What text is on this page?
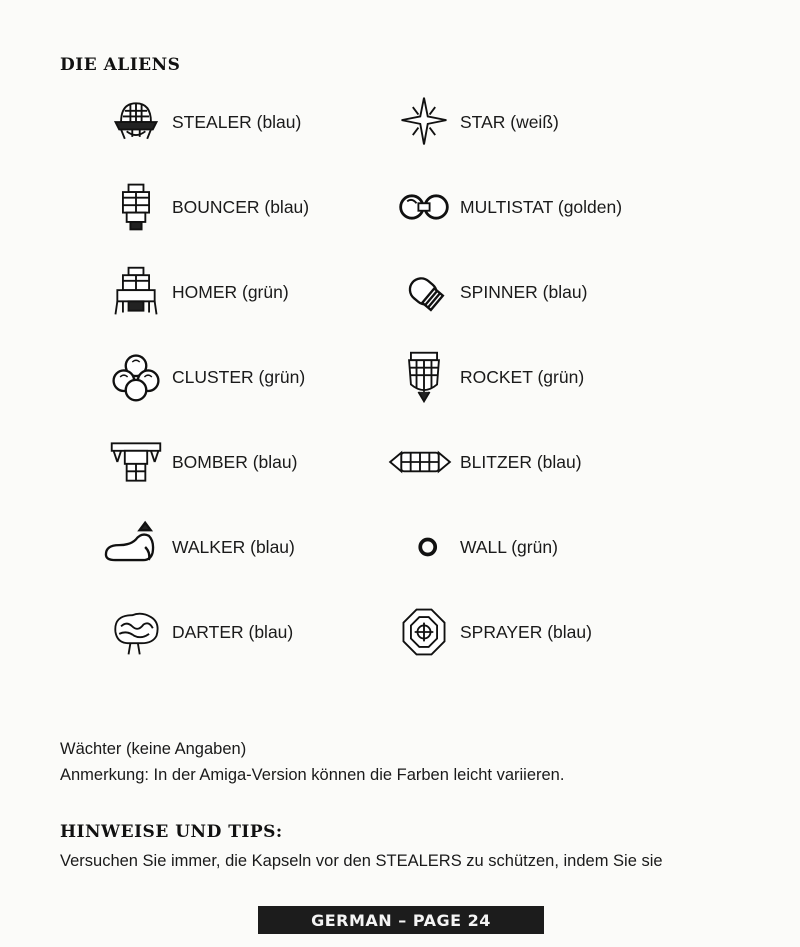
DIE ALIENS
STEALER (blau)
BOUNCER (blau)
HOMER (grün)
CLUSTER (grün)
BOMBER (blau)
WALKER (blau)
DARTER (blau)
STAR (weiß)
MULTISTAT (golden)
SPINNER (blau)
ROCKET (grün)
BLITZER (blau)
WALL (grün)
SPRAYER (blau)
Wächter (keine Angaben)
Anmerkung: In der Amiga-Version können die Farben leicht variieren.
HINWEISE UND TIPS:
Versuchen Sie immer, die Kapseln vor den STEALERS zu schützen, indem Sie sie
GERMAN – PAGE 24
